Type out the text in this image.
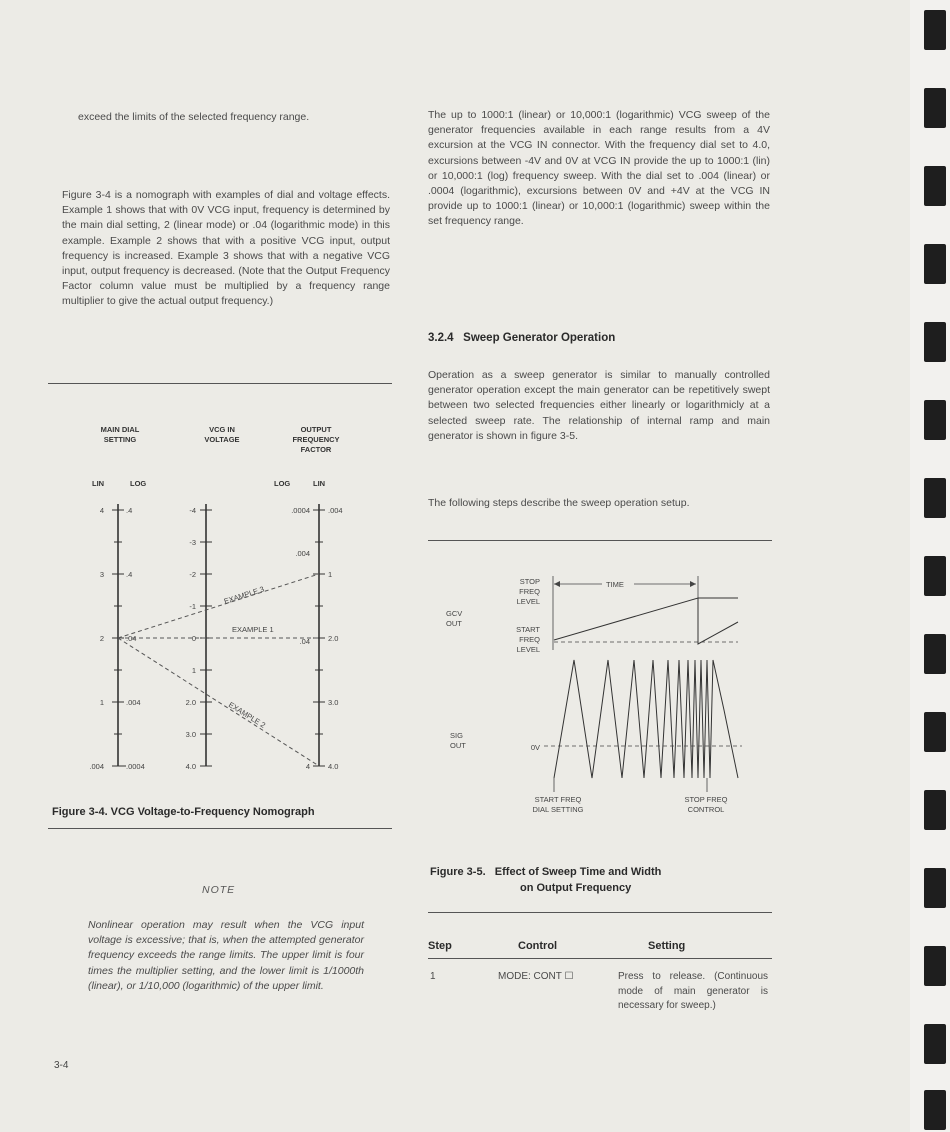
exceed the limits of the selected frequency range.

Figure 3-4 is a nomograph with examples of dial and voltage effects. Example 1 shows that with 0V VCG input, frequency is determined by the main dial setting, 2 (linear mode) or .04 (logarithmic mode) in this example. Example 2 shows that with a positive VCG input, output frequency is increased. Example 3 shows that with a negative VCG input, output frequency is decreased. (Note that the Output Frequency Factor column value must be multiplied by a frequency range multiplier to give the actual output frequency.)

MAIN DIAL
SETTING
VCG IN
VOLTAGE
OUTPUT
FREQUENCY
FACTOR
LIN	LOG	LOG	LIN
4
3
2
1
.004
.4
.4
.04
.004
.0004
-4
-3
-2
-1
0
1
2.0
3.0
4.0
.0004
.004
.04
4
.004
1
2.0
3.0
4.0
EXAMPLE 3
EXAMPLE 1
EXAMPLE 2
Figure 3-4. VCG Voltage-to-Frequency Nomograph
NOTE

Nonlinear operation may result when the VCG input voltage is excessive; that is, when the attempted generator frequency exceeds the range limits. The upper limit is four times the multiplier setting, and the lower limit is 1/1000th (linear), or 1/10,000 (logarithmic) of the upper limit.

3-4

The up to 1000:1 (linear) or 10,000:1 (logarithmic) VCG sweep of the generator frequencies available in each range results from a 4V excursion at the VCG IN connector. With the frequency dial set to 4.0, excursions between -4V and 0V at VCG IN provide the up to 1000:1 (lin) or 10,000:1 (log) frequency sweep. With the dial set to .004 (linear) or .0004 (logarithmic), excursions between 0V and +4V at the VCG IN provide up to 1000:1 (linear) or 10,000:1 (logarithmic) sweep within the set frequency range.

3.2.4   Sweep Generator Operation

Operation as a sweep generator is similar to manually controlled generator operation except the main generator can be repetitively swept between two selected frequencies either linearly or logarithmicly at a selected sweep rate. The relationship of internal ramp and main generator is shown in figure 3-5.

The following steps describe the sweep operation setup.

STOP
FREQ
LEVEL
START
FREQ
LEVEL
0V
GCV
OUT
SIG
OUT
TIME
START FREQ
DIAL SETTING
STOP FREQ
CONTROL
Figure 3-5.   Effect of Sweep Time and Width
on Output Frequency
Step	Control	Setting
1	MODE: CONT ☐	Press to release. (Continuous mode of main generator is necessary for sweep.)
